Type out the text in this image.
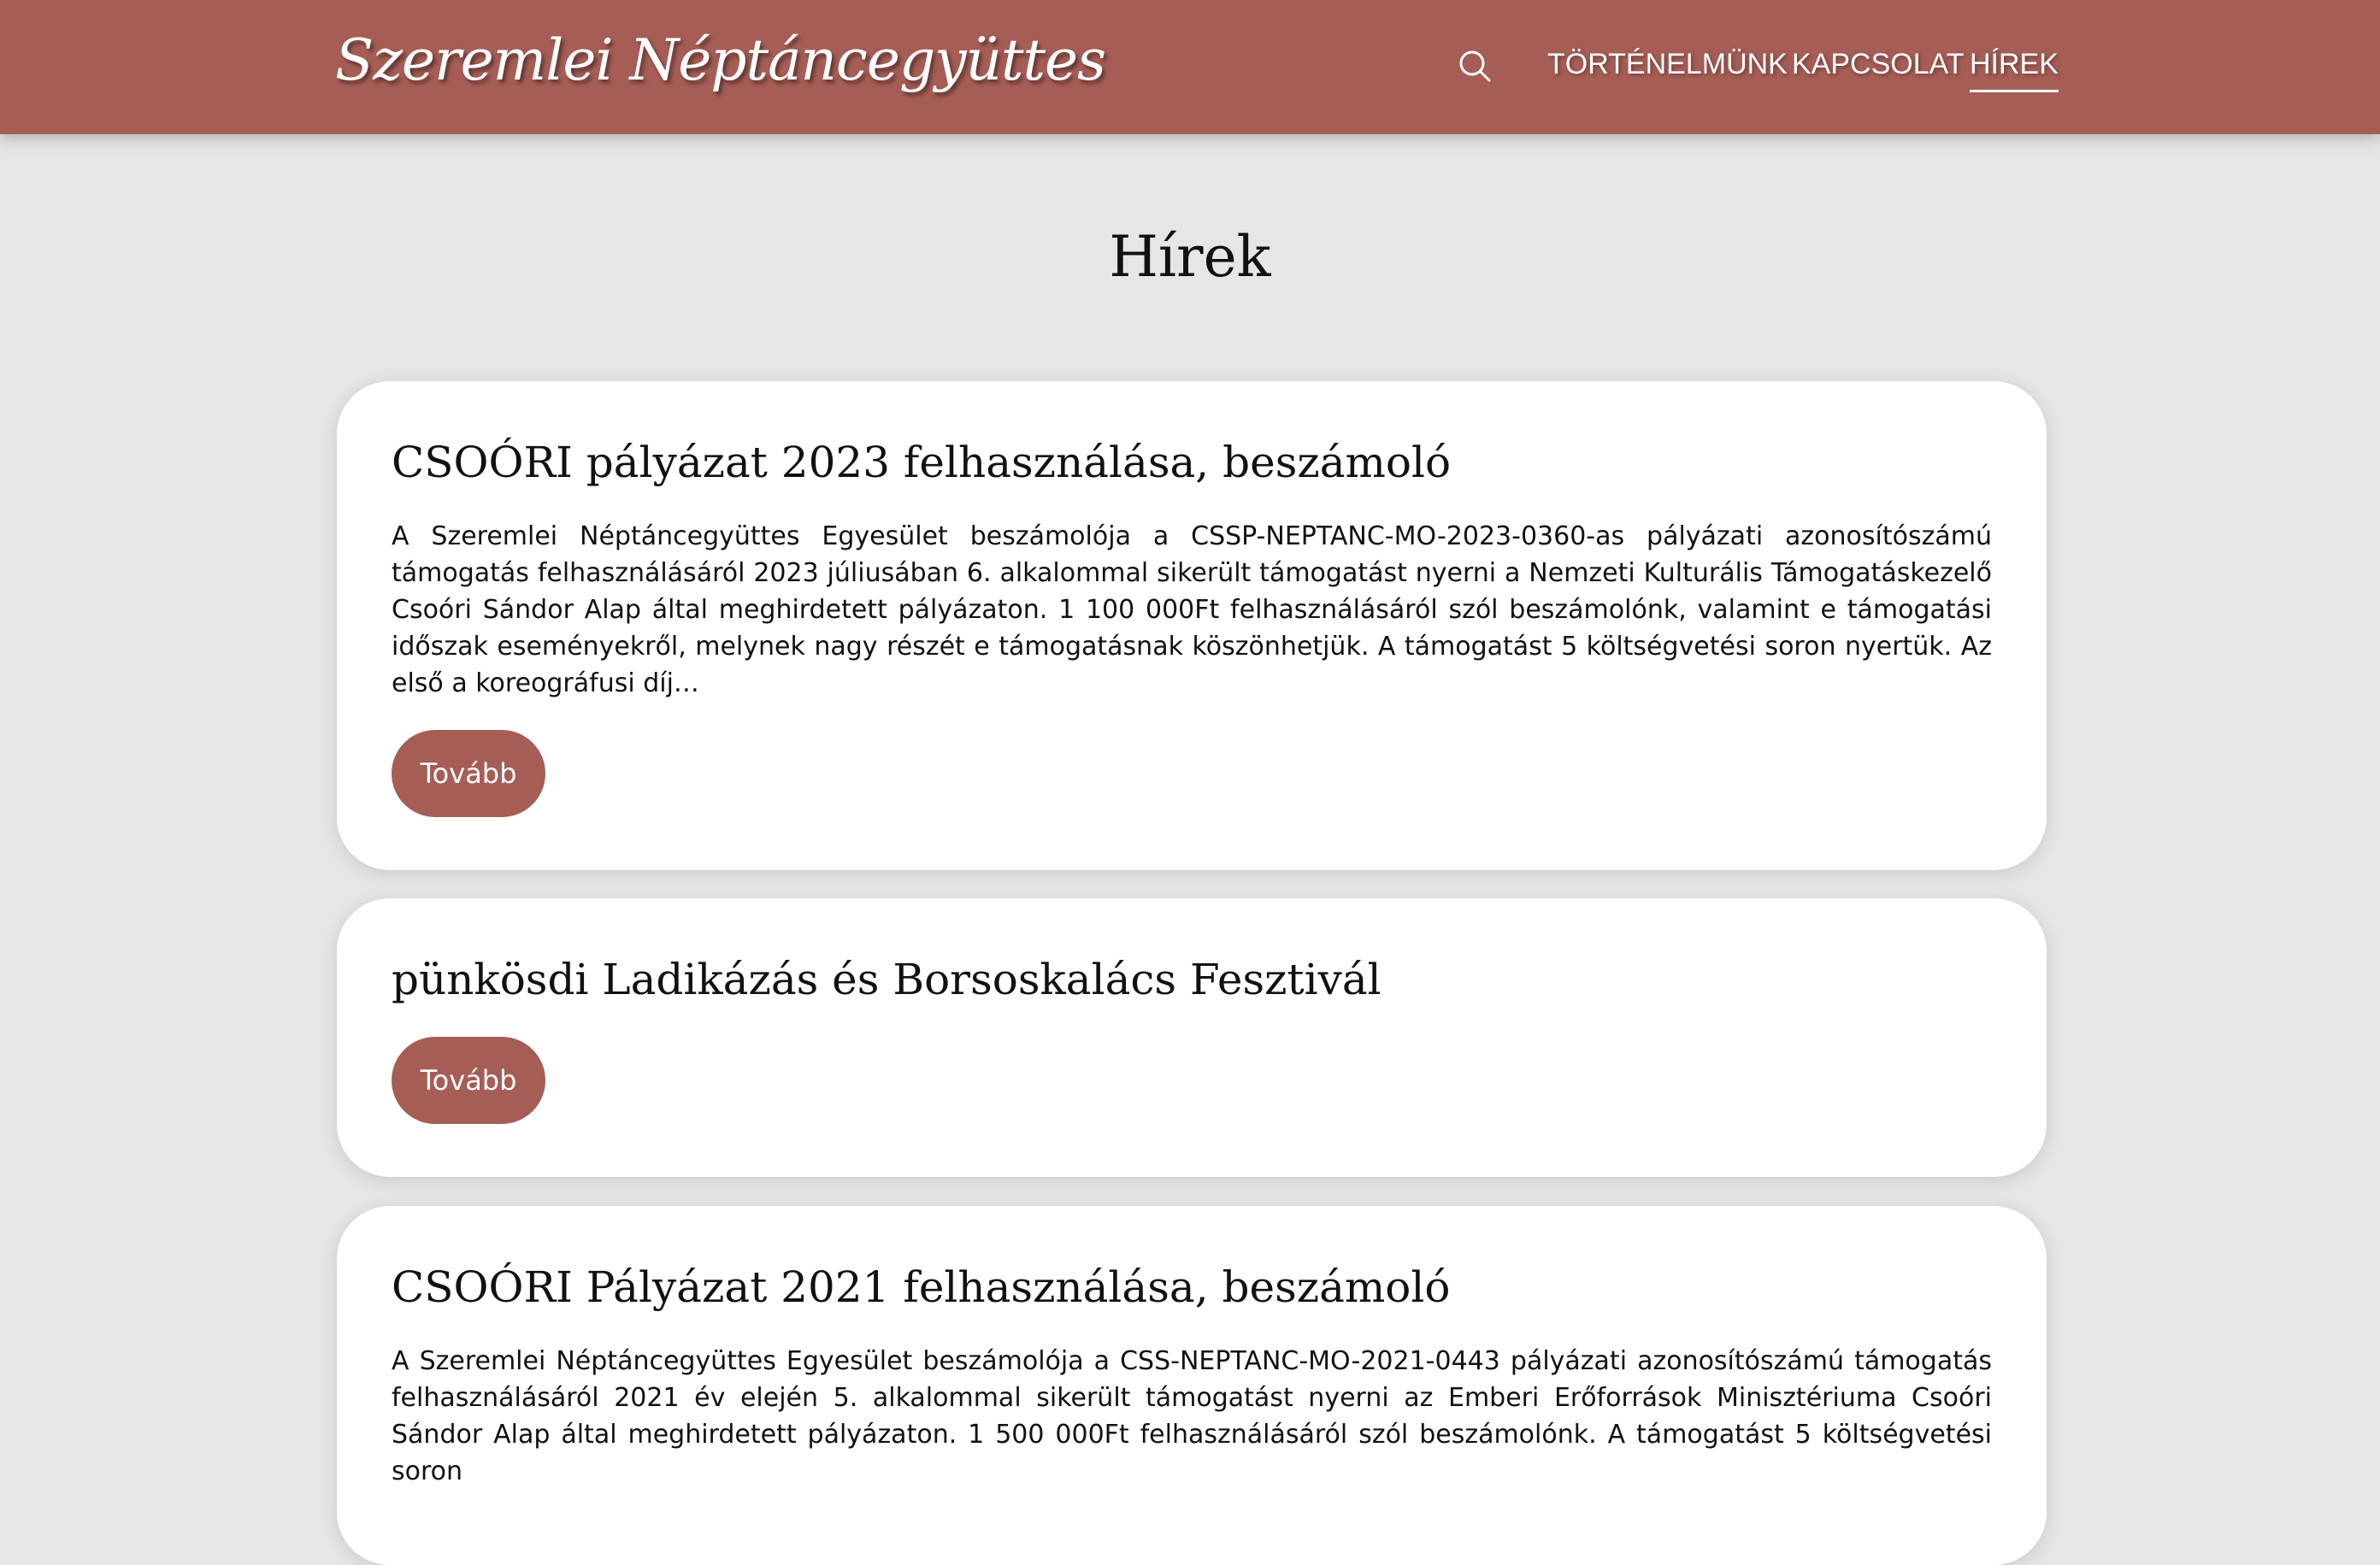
Szeremlei Néptáncegyüttes	TÖRTÉNELMÜNK KAPCSOLAT HÍREK
Hírek
CSOÓRI pályázat 2023 felhasználása, beszámoló

A Szeremlei Néptáncegyüttes Egyesület beszámolója a CSSP-NEPTANC-MO-2023-0360-as pályázati azonosítószámú támogatás felhasználásáról 2023 júliusában 6. alkalommal sikerült támogatást nyerni a Nemzeti Kulturális Támogatáskezelő Csoóri Sándor Alap által meghirdetett pályázaton. 1 100 000Ft felhasználásáról szól beszámolónk, valamint e támogatási időszak eseményekről, melynek nagy részét e támogatásnak köszönhetjük. A támogatást 5 költségvetési soron nyertük. Az első a koreográfusi díj…

Tovább
pünkösdi Ladikázás és Borsoskalács Fesztivál
Tovább
CSOÓRI Pályázat 2021 felhasználása, beszámoló

A Szeremlei Néptáncegyüttes Egyesület beszámolója a CSS-NEPTANC-MO-2021-0443 pályázati azonosítószámú támogatás felhasználásáról 2021 év elején 5. alkalommal sikerült támogatást nyerni az Emberi Erőforrások Minisztériuma Csoóri Sándor Alap által meghirdetett pályázaton. 1 500 000Ft felhasználásáról szól beszámolónk. A támogatást 5 költségvetési soron
